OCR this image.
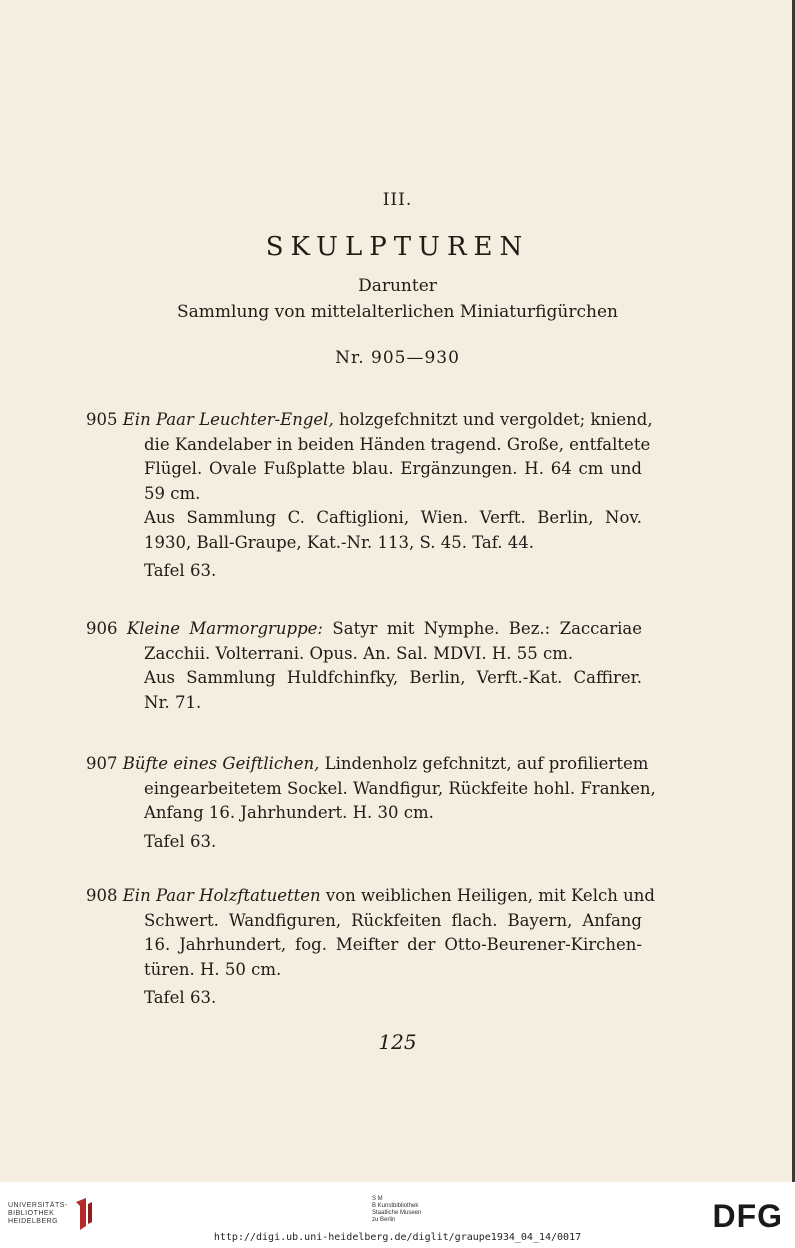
III.
SKULPTUREN
Darunter
Sammlung von mittelalterlichen Miniaturfigürchen
Nr. 905—930
905 Ein Paar Leuchter-Engel, holzgefchnitzt und vergoldet; kniend,
die Kandelaber in beiden Händen tragend. Große, entfaltete
Flügel. Ovale Fußplatte blau. Ergänzungen. H. 64 cm und
59 cm.
Aus Sammlung C. Caftiglioni, Wien. Verft. Berlin, Nov.
1930, Ball-Graupe, Kat.-Nr. 113, S. 45. Taf. 44.
Tafel 63.
906 Kleine Marmorgruppe: Satyr mit Nymphe. Bez.: Zaccariae
Zacchii. Volterrani. Opus. An. Sal. MDVI. H. 55 cm.
Aus Sammlung Huldfchinfky, Berlin, Verft.-Kat. Caffirer.
Nr. 71.
907 Büfte eines Geiftlichen, Lindenholz gefchnitzt, auf profiliertem
eingearbeitetem Sockel. Wandfigur, Rückfeite hohl. Franken,
Anfang 16. Jahrhundert. H. 30 cm.
Tafel 63.
908 Ein Paar Holzftatuetten von weiblichen Heiligen, mit Kelch und
Schwert. Wandfiguren, Rückfeiten flach. Bayern, Anfang
16. Jahrhundert, fog. Meifter der Otto-Beurener-Kirchen-
türen. H. 50 cm.
Tafel 63.
125
UNIVERSITÄTS-
BIBLIOTHEK
HEIDELBERG
S M
B Kunstbibliothek
Staatliche Museen
zu Berlin	DFG
http://digi.ub.uni-heidelberg.de/diglit/graupe1934_04_14/0017
